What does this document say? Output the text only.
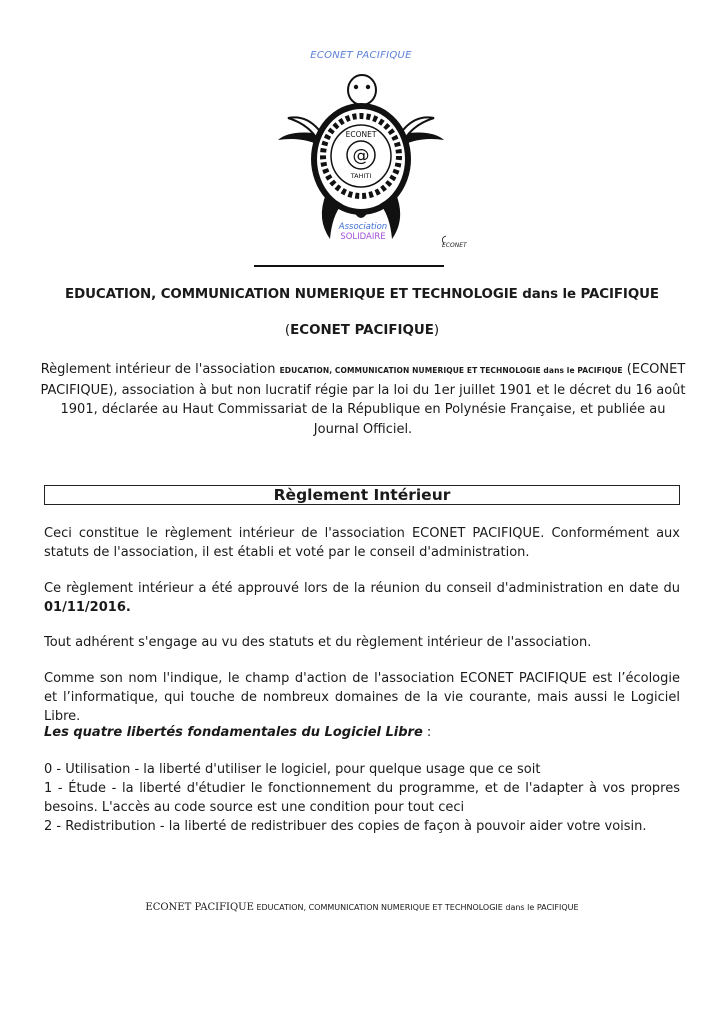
ECONET PACIFIQUE
@
ECONET
TAHITI
Association
SOLIDAIRE
ECONET
EDUCATION, COMMUNICATION NUMERIQUE ET TECHNOLOGIE dans le PACIFIQUE
(ECONET PACIFIQUE)
Règlement intérieur de l'association EDUCATION, COMMUNICATION NUMERIQUE ET TECHNOLOGIE dans le PACIFIQUE (ECONET PACIFIQUE), association à but non lucratif régie par la loi du 1er juillet 1901 et le décret du 16 août 1901, déclarée au Haut Commissariat de la République en Polynésie Française, et publiée au Journal Officiel.
Règlement Intérieur
Ceci constitue le règlement intérieur de l'association ECONET PACIFIQUE. Conformément aux statuts de l'association, il est établi et voté par le conseil d'administration.
Ce règlement intérieur a été approuvé lors de la réunion du conseil d'administration en date du 01/11/2016.
Tout adhérent s'engage au vu des statuts et du règlement intérieur de l'association.
Comme son nom l'indique, le champ d'action de l'association ECONET PACIFIQUE est l’écologie et l’informatique, qui touche de nombreux domaines de la vie courante, mais aussi le Logiciel Libre.
Les quatre libertés fondamentales du Logiciel Libre :
0 - Utilisation - la liberté d'utiliser le logiciel, pour quelque usage que ce soit
1 - Étude - la liberté d'étudier le fonctionnement du programme, et de l'adapter à vos propres besoins. L'accès au code source est une condition pour tout ceci
2 - Redistribution - la liberté de redistribuer des copies de façon à pouvoir aider votre voisin.
ECONET PACIFIQUE EDUCATION, COMMUNICATION NUMERIQUE ET TECHNOLOGIE dans le PACIFIQUE
